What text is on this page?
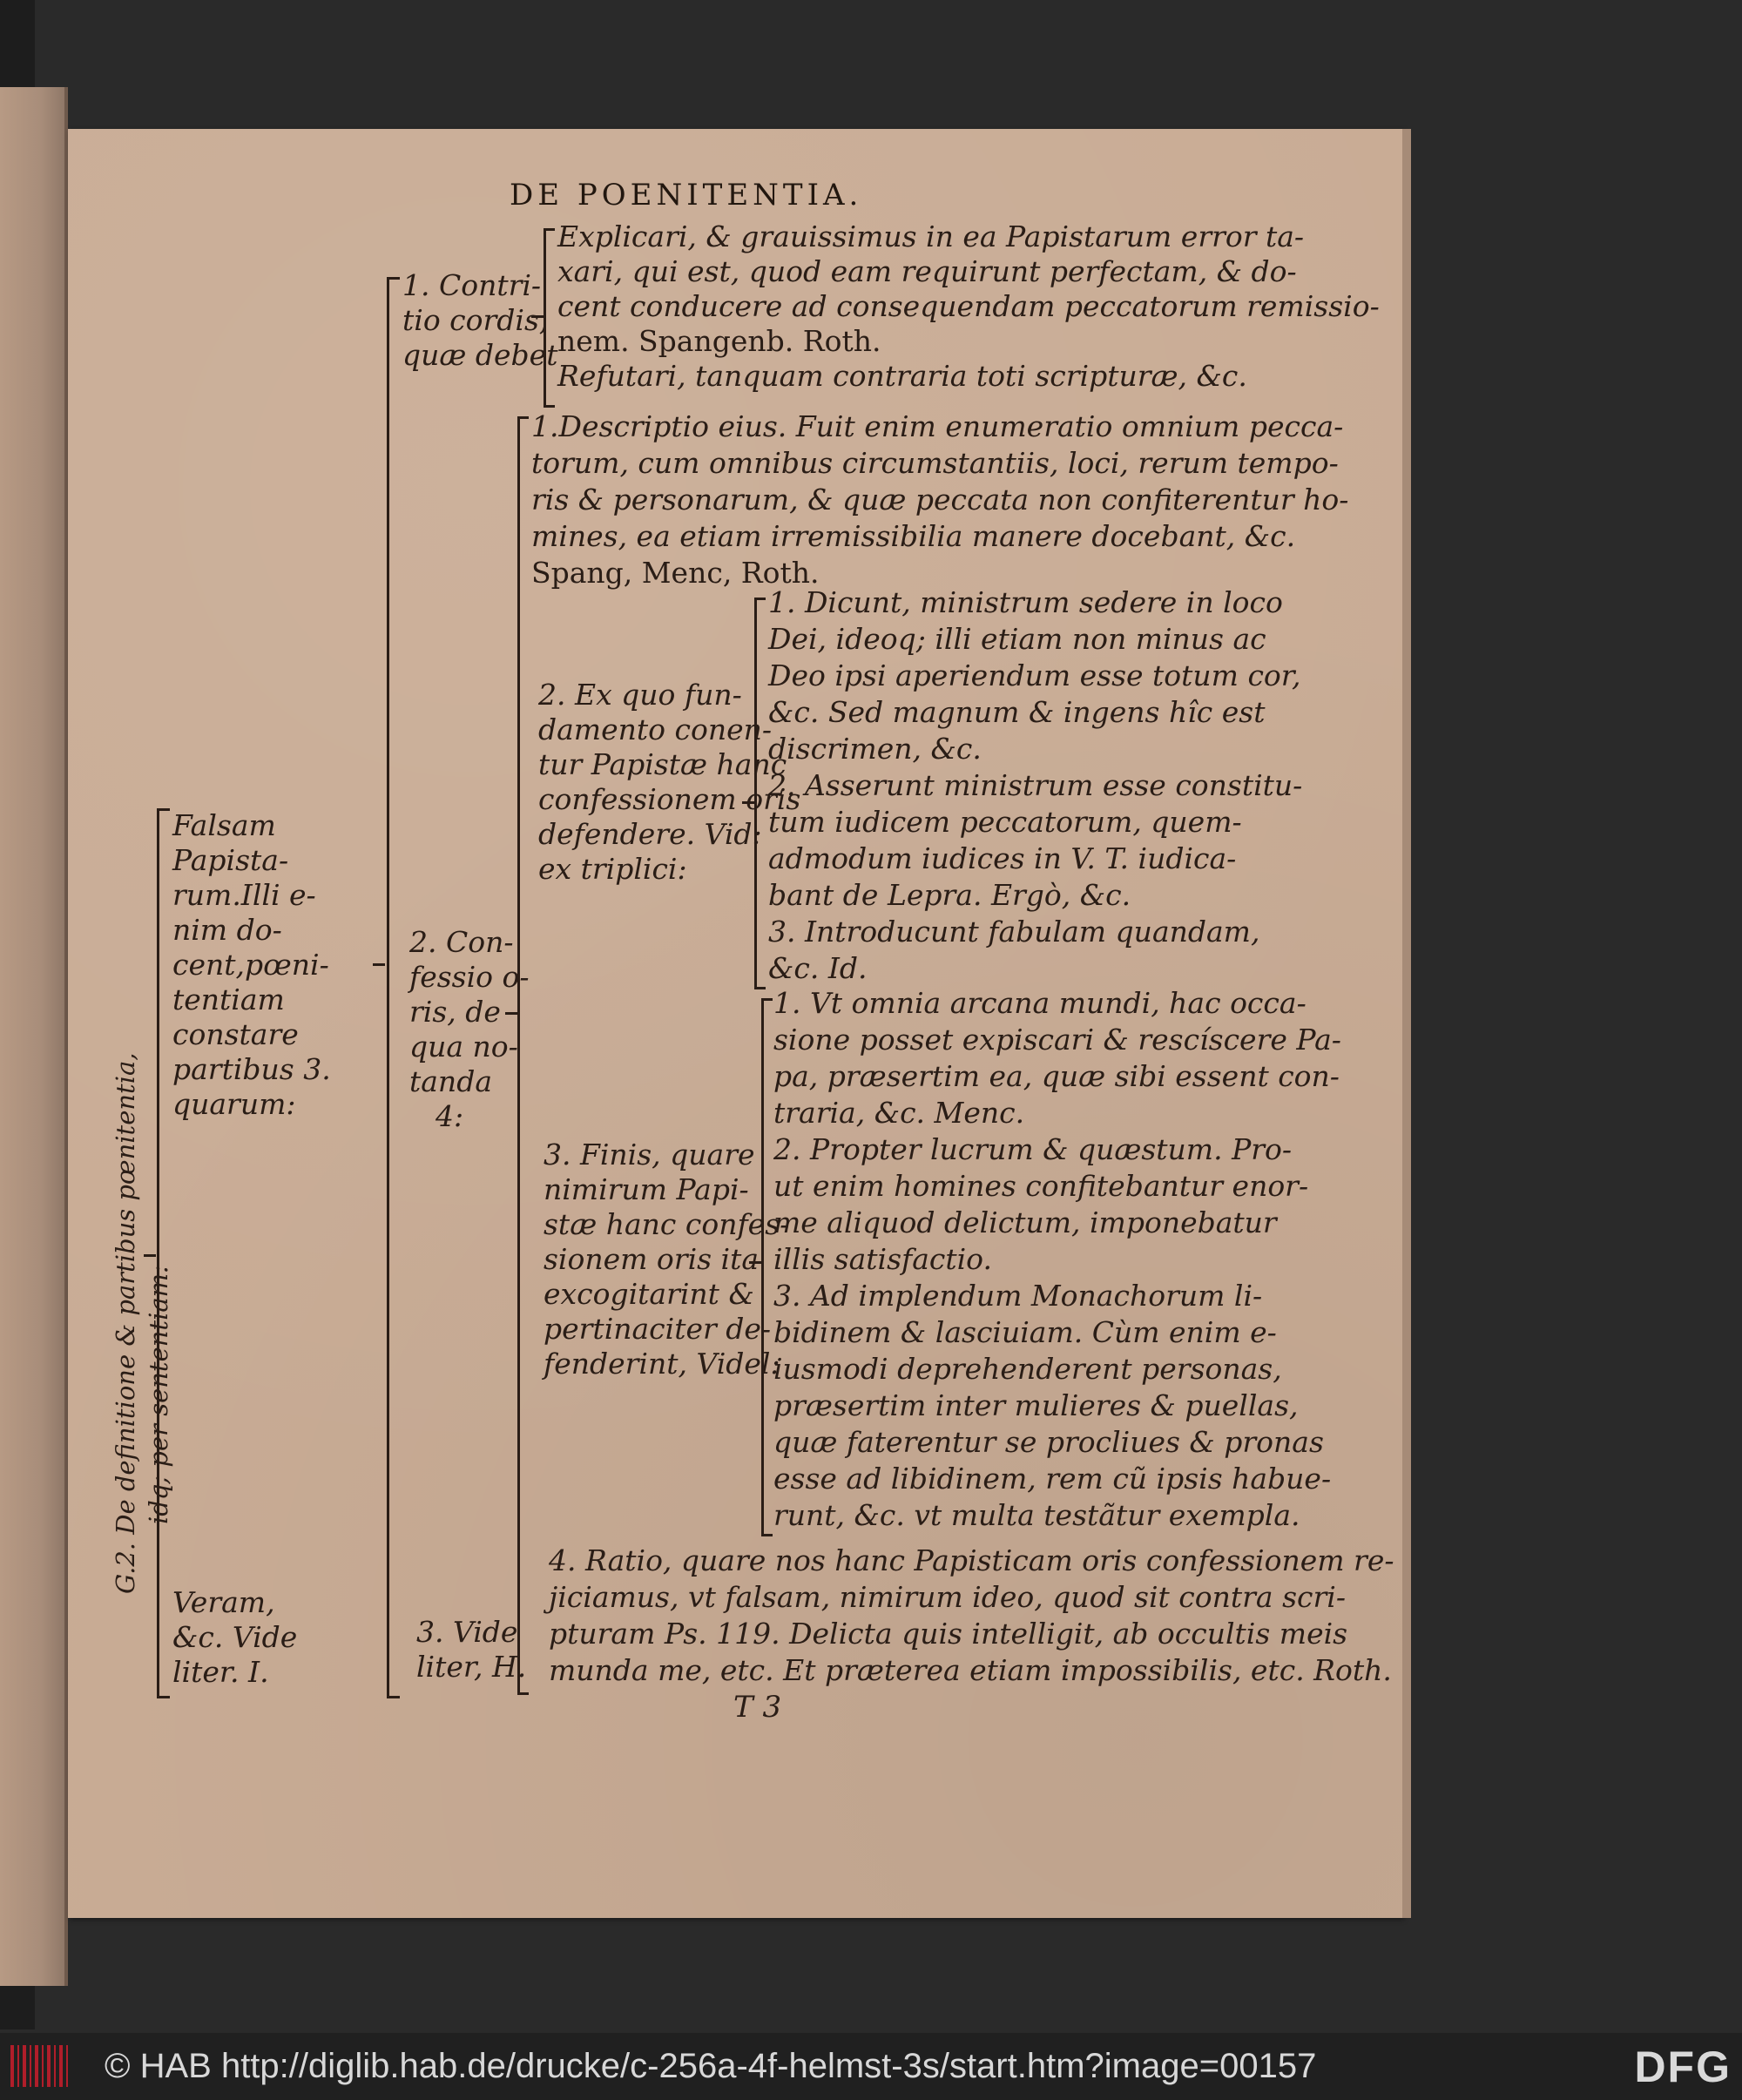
DE POENITENTIA.
G.2. De definitione & partibus pœnitentia, idq; per sententiam:
Falsam
Papista-
rum.Illi e-
nim do-
cent,pœni-
tentiam
constare
partibus 3.
quarum:
Veram,
&c. Vide
liter. I.
1. Contri-
tio cordis,
quæ debet
2. Con-
fessio o-
ris, de
qua no-
tanda
4:
3. Vide
liter, H.
Explicari, & grauissimus in ea Papistarum error ta-
xari, qui est, quod eam requirunt perfectam, & do-
cent conducere ad consequendam peccatorum remissio-
nem. Spangenb. Roth.
Refutari, tanquam contraria toti scripturæ, &c.
1.Descriptio eius. Fuit enim enumeratio omnium pecca-
torum, cum omnibus circumstantiis, loci, rerum tempo-
ris & personarum, & quæ peccata non confiterentur ho-
mines, ea etiam irremissibilia manere docebant, &c.
Spang, Menc, Roth.
2. Ex quo fun-
damento conen-
tur Papistæ hanc
confessionem oris
defendere. Vid:
ex triplici:
1. Dicunt, ministrum sedere in loco
Dei, ideoq; illi etiam non minus ac
Deo ipsi aperiendum esse totum cor,
&c. Sed magnum & ingens hîc est
discrimen, &c.
2. Asserunt ministrum esse constitu-
tum iudicem peccatorum, quem-
admodum iudices in V. T. iudica-
bant de Lepra. Ergò, &c.
3. Introducunt fabulam quandam,
&c. Id.
3. Finis, quare
nimirum Papi-
stæ hanc confes-
sionem oris ita
excogitarint &
pertinaciter de-
fenderint, Videl:
1. Vt omnia arcana mundi, hac occa-
sione posset expiscari & rescíscere Pa-
pa, præsertim ea, quæ sibi essent con-
traria, &c. Menc.
2. Propter lucrum & quæstum. Pro-
ut enim homines confitebantur enor-
me aliquod delictum, imponebatur
illis satisfactio.
3. Ad implendum Monachorum li-
bidinem & lasciuiam. Cùm enim e-
iusmodi deprehenderent personas,
præsertim inter mulieres & puellas,
quæ faterentur se procliues & pronas
esse ad libidinem, rem cũ ipsis habue-
runt, &c. vt multa testãtur exempla.
4. Ratio, quare nos hanc Papisticam oris confessionem re-
jiciamus, vt falsam, nimirum ideo, quod sit contra scri-
pturam Ps. 119. Delicta quis intelligit, ab occultis meis
munda me, etc. Et præterea etiam impossibilis, etc. Roth.
T 3
© HAB http://diglib.hab.de/drucke/c-256a-4f-helmst-3s/start.htm?image=00157	DFG
